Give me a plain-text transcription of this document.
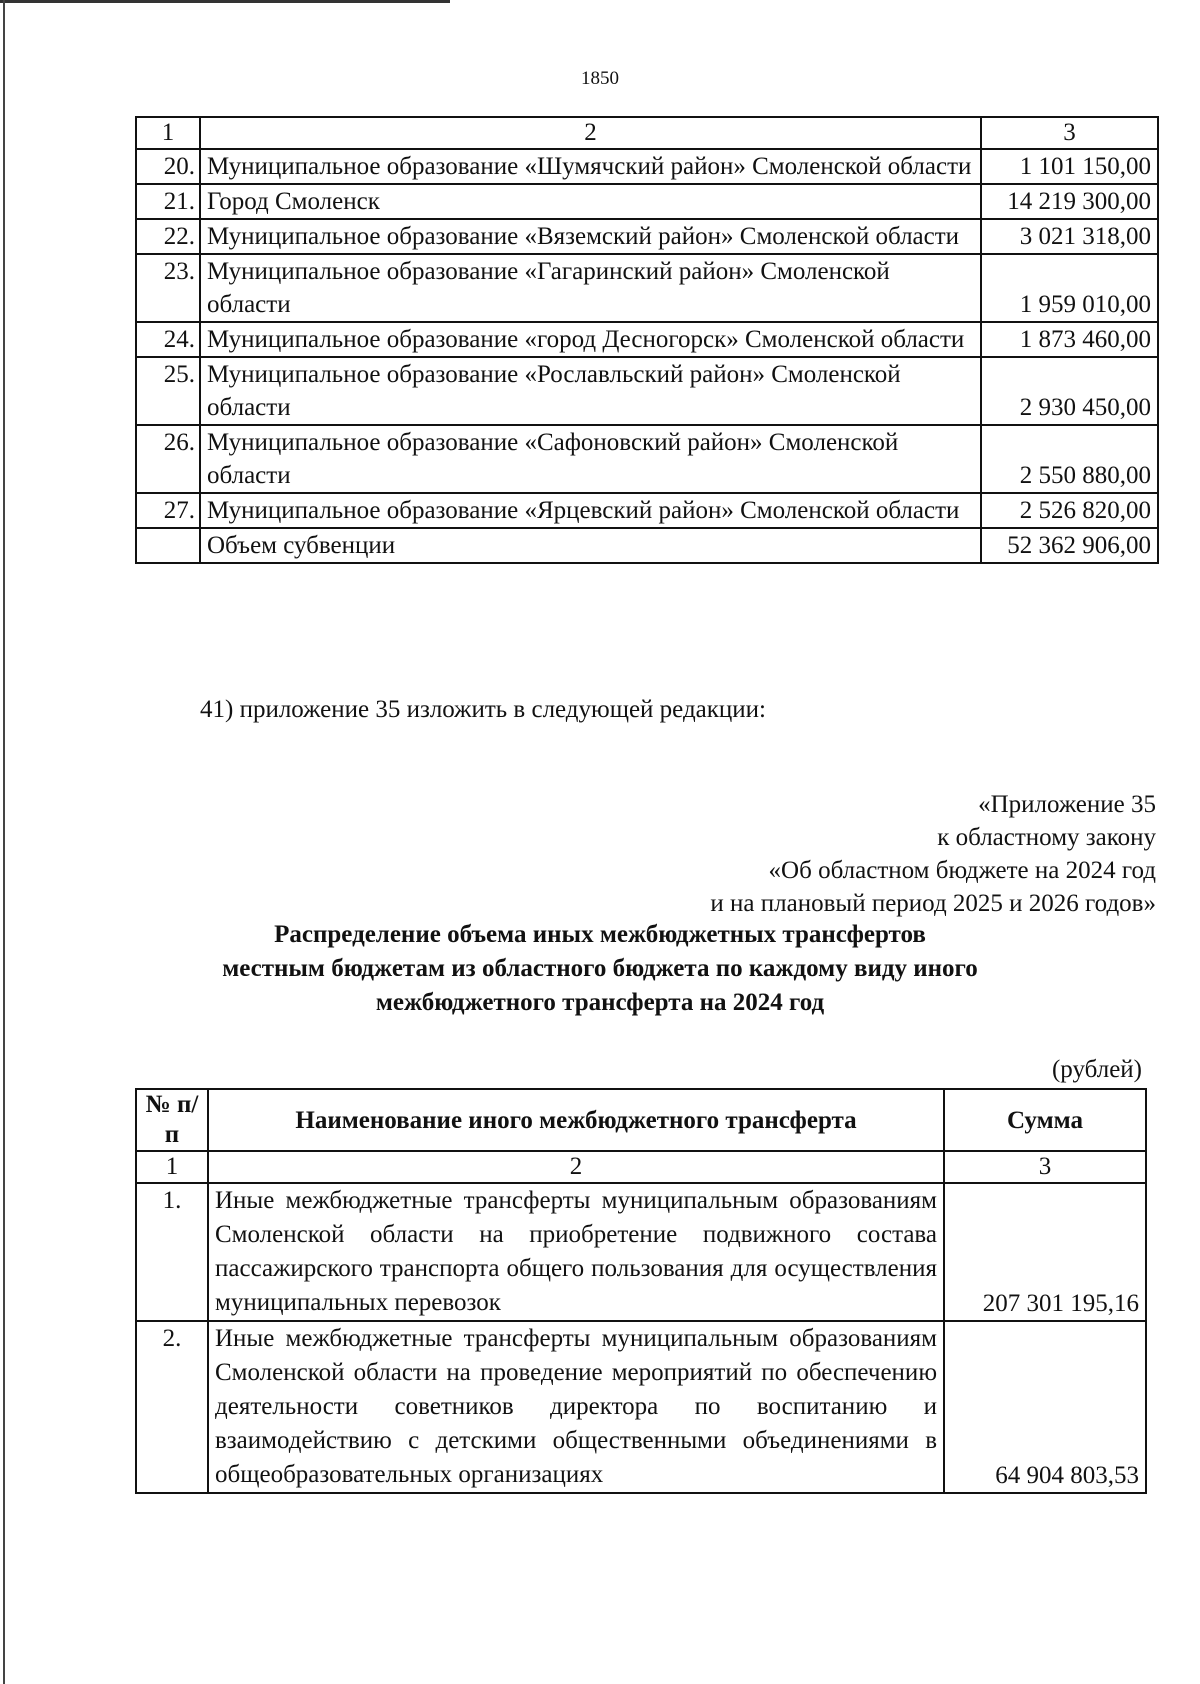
1850
1	2	3
20.	Муниципальное образование «Шумячский район» Смоленской области	1 101 150,00
21.	Город Смоленск	14 219 300,00
22.	Муниципальное образование «Вяземский район» Смоленской области	3 021 318,00
23.	Муниципальное образование «Гагаринский район» Смоленской области	1 959 010,00
24.	Муниципальное образование «город Десногорск» Смоленской области	1 873 460,00
25.	Муниципальное образование «Рославльский район» Смоленской области	2 930 450,00
26.	Муниципальное образование «Сафоновский район» Смоленской области	2 550 880,00
27.	Муниципальное образование «Ярцевский район» Смоленской области	2 526 820,00
	Объем субвенции	52 362 906,00
41) приложение 35 изложить в следующей редакции:
«Приложение 35
к областному закону
«Об областном бюджете на 2024 год
и на плановый период 2025 и 2026 годов»
Распределение объема иных межбюджетных трансфертов
местным бюджетам из областного бюджета по каждому виду иного
межбюджетного трансферта на 2024 год
(рублей)
№ п/п	Наименование иного межбюджетного трансферта	Сумма
1	2	3
1.	Иные межбюджетные трансферты муниципальным образованиям Смоленской области на приобретение подвижного состава пассажирского транспорта общего пользования для осуществления муниципальных перевозок	207 301 195,16
2.	Иные межбюджетные трансферты муниципальным образованиям Смоленской области на проведение мероприятий по обеспечению деятельности советников директора по воспитанию и взаимодействию с детскими общественными объединениями в общеобразовательных организациях	64 904 803,53
